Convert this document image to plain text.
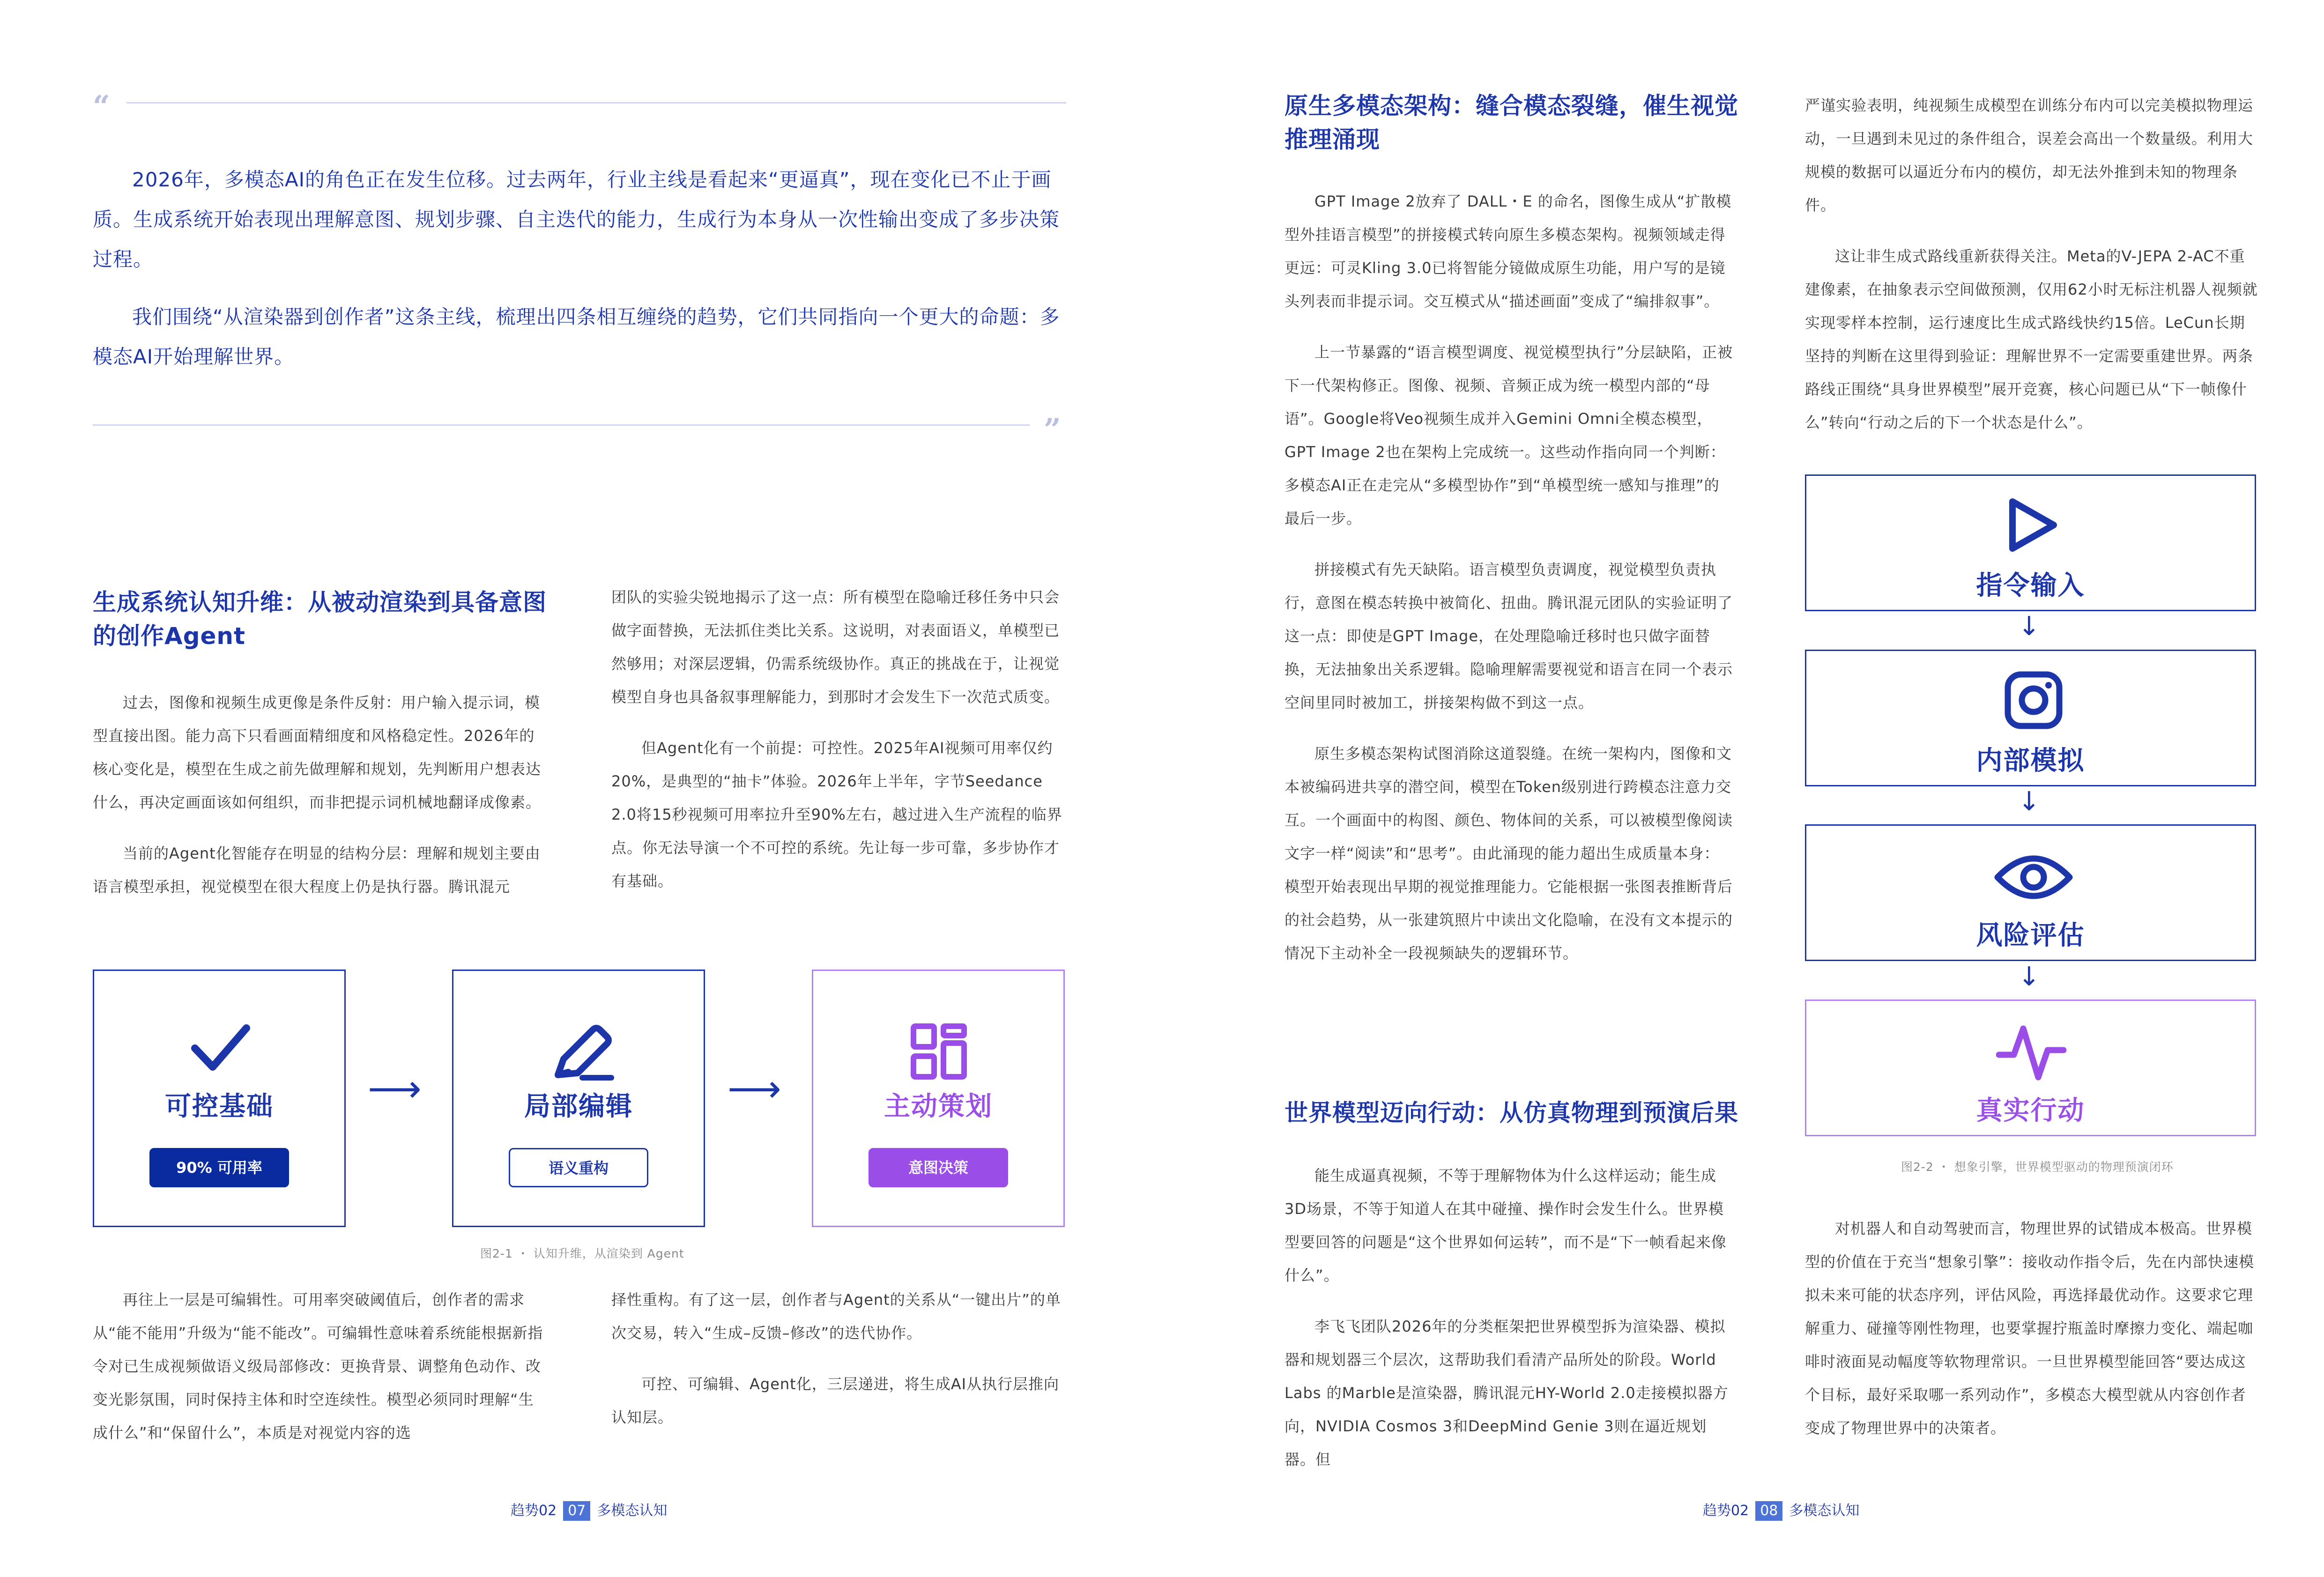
“

2026年，多模态AI的角色正在发生位移。过去两年，行业主线是看起来“更逼真”，现在变化已不止于画质。生成系统开始表现出理解意图、规划步骤、自主迭代的能力，生成行为本身从一次性输出变成了多步决策过程。

我们围绕“从渲染器到创作者”这条主线，梳理出四条相互缠绕的趋势，它们共同指向一个更大的命题：多模态AI开始理解世界。

”
生成系统认知升维：从被动渲染到具备意图的创作Agent

过去，图像和视频生成更像是条件反射：用户输入提示词，模型直接出图。能力高下只看画面精细度和风格稳定性。2026年的核心变化是，模型在生成之前先做理解和规划，先判断用户想表达什么，再决定画面该如何组织，而非把提示词机械地翻译成像素。

当前的Agent化智能存在明显的结构分层：理解和规划主要由语言模型承担，视觉模型在很大程度上仍是执行器。腾讯混元

团队的实验尖锐地揭示了这一点：所有模型在隐喻迁移任务中只会做字面替换，无法抓住类比关系。这说明，对表面语义，单模型已然够用；对深层逻辑，仍需系统级协作。真正的挑战在于，让视觉模型自身也具备叙事理解能力，到那时才会发生下一次范式质变。

但Agent化有一个前提：可控性。2025年AI视频可用率仅约20%，是典型的“抽卡”体验。2026年上半年，字节Seedance 2.0将15秒视频可用率拉升至90%左右，越过进入生产流程的临界点。你无法导演一个不可控的系统。先让每一步可靠，多步协作才有基础。

可控基础
90% 可用率
⟶	局部编辑
语义重构
⟶	主动策划
意图决策
图2-1 ・ 认知升维，从渲染到 Agent

再往上一层是可编辑性。可用率突破阈值后，创作者的需求从“能不能用”升级为“能不能改”。可编辑性意味着系统能根据新指令对已生成视频做语义级局部修改：更换背景、调整角色动作、改变光影氛围，同时保持主体和时空连续性。模型必须同时理解“生成什么”和“保留什么”，本质是对视觉内容的选

择性重构。有了这一层，创作者与Agent的关系从“一键出片”的单次交易，转入“生成–反馈–修改”的迭代协作。

可控、可编辑、Agent化，三层递进，将生成AI从执行层推向认知层。

趋势02 07 多模态认知
原生多模态架构：缝合模态裂缝，催生视觉推理涌现

GPT Image 2放弃了 DALL・E 的命名，图像生成从“扩散模型外挂语言模型”的拼接模式转向原生多模态架构。视频领域走得更远：可灵Kling 3.0已将智能分镜做成原生功能，用户写的是镜头列表而非提示词。交互模式从“描述画面”变成了“编排叙事”。

上一节暴露的“语言模型调度、视觉模型执行”分层缺陷，正被下一代架构修正。图像、视频、音频正成为统一模型内部的“母语”。Google将Veo视频生成并入Gemini Omni全模态模型，GPT Image 2也在架构上完成统一。这些动作指向同一个判断：多模态AI正在走完从“多模型协作”到“单模型统一感知与推理”的最后一步。

拼接模式有先天缺陷。语言模型负责调度，视觉模型负责执行，意图在模态转换中被简化、扭曲。腾讯混元团队的实验证明了这一点：即使是GPT Image，在处理隐喻迁移时也只做字面替换，无法抽象出关系逻辑。隐喻理解需要视觉和语言在同一个表示空间里同时被加工，拼接架构做不到这一点。

原生多模态架构试图消除这道裂缝。在统一架构内，图像和文本被编码进共享的潜空间，模型在Token级别进行跨模态注意力交互。一个画面中的构图、颜色、物体间的关系，可以被模型像阅读文字一样“阅读”和“思考”。由此涌现的能力超出生成质量本身：模型开始表现出早期的视觉推理能力。它能根据一张图表推断背后的社会趋势，从一张建筑照片中读出文化隐喻，在没有文本提示的情况下主动补全一段视频缺失的逻辑环节。

世界模型迈向行动：从仿真物理到预演后果

能生成逼真视频，不等于理解物体为什么这样运动；能生成3D场景，不等于知道人在其中碰撞、操作时会发生什么。世界模型要回答的问题是“这个世界如何运转”，而不是“下一帧看起来像什么”。

李飞飞团队2026年的分类框架把世界模型拆为渲染器、模拟器和规划器三个层次，这帮助我们看清产品所处的阶段。World Labs 的Marble是渲染器，腾讯混元HY-World 2.0走接模拟器方向，NVIDIA Cosmos 3和DeepMind Genie 3则在逼近规划器。但

严谨实验表明，纯视频生成模型在训练分布内可以完美模拟物理运动，一旦遇到未见过的条件组合，误差会高出一个数量级。利用大规模的数据可以逼近分布内的模仿，却无法外推到未知的物理条件。

这让非生成式路线重新获得关注。Meta的V-JEPA 2-AC不重建像素，在抽象表示空间做预测，仅用62小时无标注机器人视频就实现零样本控制，运行速度比生成式路线快约15倍。LeCun长期坚持的判断在这里得到验证：理解世界不一定需要重建世界。两条路线正围绕“具身世界模型”展开竞赛，核心问题已从“下一帧像什么”转向“行动之后的下一个状态是什么”。

指令输入
↓
内部模拟
↓
风险评估
↓
真实行动
图2-2 ・ 想象引擎，世界模型驱动的物理预演闭环

对机器人和自动驾驶而言，物理世界的试错成本极高。世界模型的价值在于充当“想象引擎”：接收动作指令后，先在内部快速模拟未来可能的状态序列，评估风险，再选择最优动作。这要求它理解重力、碰撞等刚性物理，也要掌握拧瓶盖时摩擦力变化、端起咖啡时液面晃动幅度等软物理常识。一旦世界模型能回答“要达成这个目标，最好采取哪一系列动作”，多模态大模型就从内容创作者变成了物理世界中的决策者。

趋势02 08 多模态认知
